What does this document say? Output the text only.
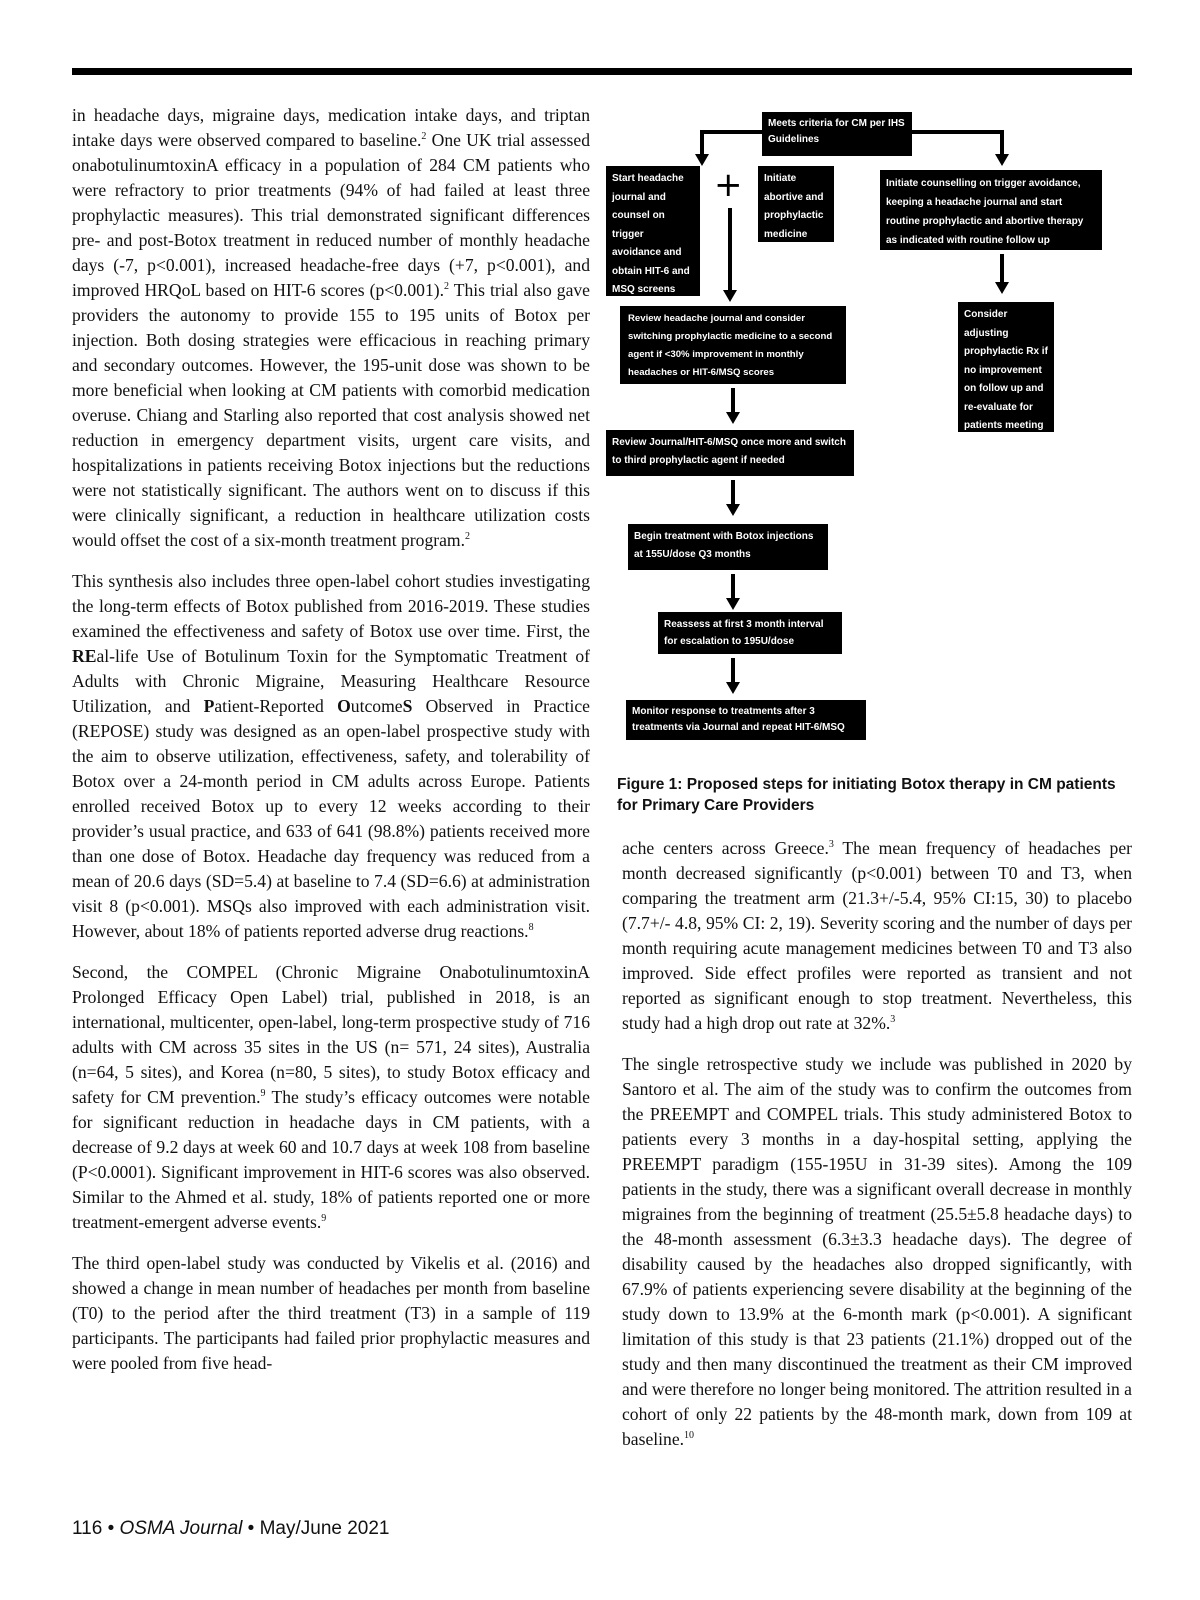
in headache days, migraine days, medication intake days, and triptan intake days were observed compared to baseline.$^2$ One UK trial assessed onabotulinumtoxinA efficacy in a population of 284 CM patients who were refractory to prior treatments (94% of had failed at least three prophylactic measures). This trial demonstrated significant differences pre- and post-Botox treatment in reduced number of monthly headache days (-7, p<0.001), increased headache-free days (+7, p<0.001), and improved HRQoL based on HIT-6 scores (p<0.001).$^2$ This trial also gave providers the autonomy to provide 155 to 195 units of Botox per injection. Both dosing strategies were efficacious in reaching primary and secondary outcomes. However, the 195-unit dose was shown to be more beneficial when looking at CM patients with comorbid medication overuse. Chiang and Starling also reported that cost analysis showed net reduction in emergency department visits, urgent care visits, and hospitalizations in patients receiving Botox injections but the reductions were not statistically significant. The authors went on to discuss if this were clinically significant, a reduction in healthcare utilization costs would offset the cost of a six-month treatment program.$^2$

This synthesis also includes three open-label cohort studies investigating the long-term effects of Botox published from 2016-2019. These studies examined the effectiveness and safety of Botox use over time. First, the REal-life Use of Botulinum Toxin for the Symptomatic Treatment of Adults with Chronic Migraine, Measuring Healthcare Resource Utilization, and Patient-Reported OutcomeS Observed in Practice (REPOSE) study was designed as an open-label prospective study with the aim to observe utilization, effectiveness, safety, and tolerability of Botox over a 24-month period in CM adults across Europe. Patients enrolled received Botox up to every 12 weeks according to their provider’s usual practice, and 633 of 641 (98.8%) patients received more than one dose of Botox. Headache day frequency was reduced from a mean of 20.6 days (SD=5.4) at baseline to 7.4 (SD=6.6) at administration visit 8 (p<0.001). MSQs also improved with each administration visit. However, about 18% of patients reported adverse drug reactions.$^8$

Second, the COMPEL (Chronic Migraine OnabotulinumtoxinA Prolonged Efficacy Open Label) trial, published in 2018, is an international, multicenter, open-label, long-term prospective study of 716 adults with CM across 35 sites in the US (n= 571, 24 sites), Australia (n=64, 5 sites), and Korea (n=80, 5 sites), to study Botox efficacy and safety for CM prevention.$^9$ The study’s efficacy outcomes were notable for significant reduction in headache days in CM patients, with a decrease of 9.2 days at week 60 and 10.7 days at week 108 from baseline (P<0.0001). Significant improvement in HIT-6 scores was also observed. Similar to the Ahmed et al. study, 18% of patients reported one or more treatment-emergent adverse events.$^9$

The third open-label study was conducted by Vikelis et al. (2016) and showed a change in mean number of headaches per month from baseline (T0) to the period after the third treatment (T3) in a sample of 119 participants. The participants had failed prior prophylactic measures and were pooled from five head-

Meets criteria for CM per IHS Guidelines
Start headache journal and counsel on trigger avoidance and obtain HIT-6 and MSQ screens
+	Initiate abortive and prophylactic medicine
Initiate counselling on trigger avoidance, keeping a headache journal and start routine prophylactic and abortive therapy as indicated with routine follow up
Review headache journal and consider switching prophylactic medicine to a second agent if <30% improvement in monthly headaches or HIT-6/MSQ scores
Consider adjusting prophylactic Rx if no improvement on follow up and re-evaluate for patients meeting CM criteria
Review Journal/HIT-6/MSQ once more and switch to third prophylactic agent if needed
Begin treatment with Botox injections at 155U/dose Q3 months
Reassess at first 3 month interval for escalation to 195U/dose
Monitor response to treatments after 3 treatments via Journal and repeat HIT-6/MSQ
Figure 1: Proposed steps for initiating Botox therapy in CM patients for Primary Care Providers

ache centers across Greece.$^3$ The mean frequency of headaches per month decreased significantly (p<0.001) between T0 and T3, when comparing the treatment arm (21.3+/-5.4, 95% CI:15, 30) to placebo (7.7+/- 4.8, 95% CI: 2, 19). Severity scoring and the number of days per month requiring acute management medicines between T0 and T3 also improved. Side effect profiles were reported as transient and not reported as significant enough to stop treatment. Nevertheless, this study had a high drop out rate at 32%.$^3$

The single retrospective study we include was published in 2020 by Santoro et al. The aim of the study was to confirm the outcomes from the PREEMPT and COMPEL trials. This study administered Botox to patients every 3 months in a day-hospital setting, applying the PREEMPT paradigm (155-195U in 31-39 sites). Among the 109 patients in the study, there was a significant overall decrease in monthly migraines from the beginning of treatment (25.5±5.8 headache days) to the 48-month assessment (6.3±3.3 headache days). The degree of disability caused by the headaches also dropped significantly, with 67.9% of patients experiencing severe disability at the beginning of the study down to 13.9% at the 6-month mark (p<0.001). A significant limitation of this study is that 23 patients (21.1%) dropped out of the study and then many discontinued the treatment as their CM improved and were therefore no longer being monitored. The attrition resulted in a cohort of only 22 patients by the 48-month mark, down from 109 at baseline.$^{10}$

116 • OSMA Journal • May/June 2021
